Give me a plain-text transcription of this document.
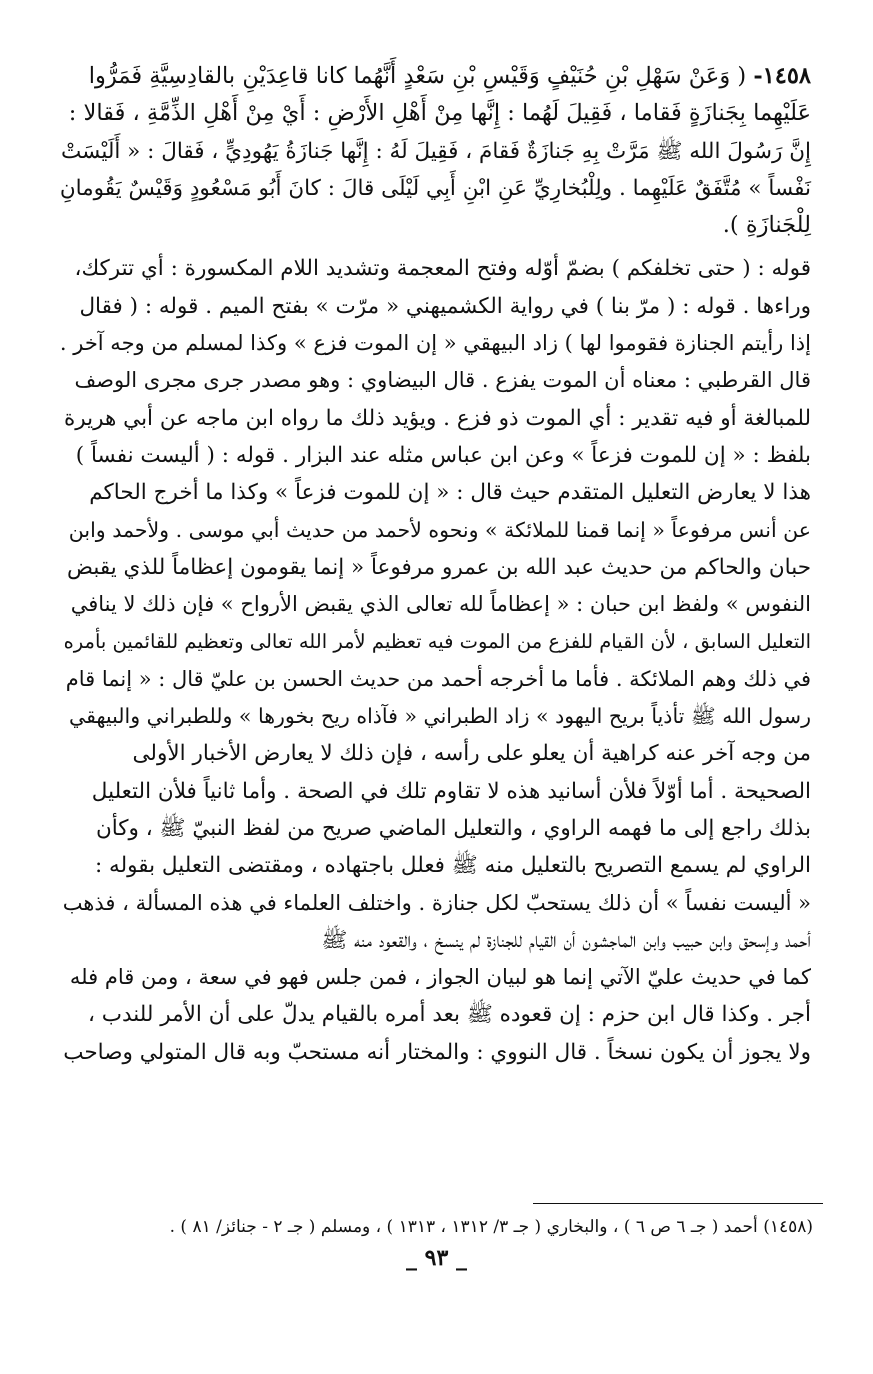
١٤٥٨- ( وَعَنْ سَهْلِ بْنِ حُنَيْفٍ وَقَيْسِ بْنِ سَعْدٍ أَنَّهُما كانا قاعِدَيْنِ بالقادِسِيَّةِ فَمَرُّوا

عَلَيْهِما بِجَنازَةٍ فَقاما ، فَقِيلَ لَهُما : إِنَّها مِنْ أَهْلِ الأَرْضِ : أَيْ مِنْ أَهْلِ الذِّمَّةِ ، فَقالا :

إِنَّ رَسُولَ الله ﷺ مَرَّتْ بِهِ جَنازَةٌ فَقامَ ، فَقِيلَ لَهُ : إِنَّها جَنازَةُ يَهُودِيٍّ ، فَقالَ : « أَلَيْسَتْ

نَفْساً » مُتَّفَقٌ عَلَيْهِما . ولِلْبُخارِيِّ عَنِ ابْنِ أَبِي لَيْلَى قالَ : كانَ أَبُو مَسْعُودٍ وَقَيْسٌ يَقُومانِ

لِلْجَنازَةِ ).

قوله : ( حتى تخلفكم ) بضمّ أوّله وفتح المعجمة وتشديد اللام المكسورة : أي تتركك،

وراءها . قوله : ( مرّ بنا ) في رواية الكشميهني « مرّت » بفتح الميم . قوله : ( فقال

إذا رأيتم الجنازة فقوموا لها ) زاد البيهقي « إن الموت فزع » وكذا لمسلم من وجه آخر .

قال القرطبي : معناه أن الموت يفزع . قال البيضاوي : وهو مصدر جرى مجرى الوصف

للمبالغة أو فيه تقدير : أي الموت ذو فزع . ويؤيد ذلك ما رواه ابن ماجه عن أبي هريرة

بلفظ : « إن للموت فزعاً » وعن ابن عباس مثله عند البزار . قوله : ( أليست نفساً )

هذا لا يعارض التعليل المتقدم حيث قال : « إن للموت فزعاً » وكذا ما أخرج الحاكم

عن أنس مرفوعاً « إنما قمنا للملائكة » ونحوه لأحمد من حديث أبي موسى . ولأحمد وابن

حبان والحاكم من حديث عبد الله بن عمرو مرفوعاً « إنما يقومون إعظاماً للذي يقبض

النفوس » ولفظ ابن حبان : « إعظاماً لله تعالى الذي يقبض الأرواح » فإن ذلك لا ينافي

التعليل السابق ، لأن القيام للفزع من الموت فيه تعظيم لأمر الله تعالى وتعظيم للقائمين بأمره

في ذلك وهم الملائكة . فأما ما أخرجه أحمد من حديث الحسن بن عليّ قال : « إنما قام

رسول الله ﷺ تأذياً بريح اليهود » زاد الطبراني « فآذاه ريح بخورها » وللطبراني والبيهقي

من وجه آخر عنه كراهية أن يعلو على رأسه ، فإن ذلك لا يعارض الأخبار الأولى

الصحيحة . أما أوّلاً فلأن أسانيد هذه لا تقاوم تلك في الصحة . وأما ثانياً فلأن التعليل

بذلك راجع إلى ما فهمه الراوي ، والتعليل الماضي صريح من لفظ النبيّ ﷺ ، وكأن

الراوي لم يسمع التصريح بالتعليل منه ﷺ فعلل باجتهاده ، ومقتضى التعليل بقوله :

« أليست نفساً » أن ذلك يستحبّ لكل جنازة . واختلف العلماء في هذه المسألة ، فذهب

أحمد وإسحق وابن حبيب وابن الماجشون أن القيام للجنازة لم ينسخ ، والقعود منه ﷺ

كما في حديث عليّ الآتي إنما هو لبيان الجواز ، فمن جلس فهو في سعة ، ومن قام فله

أجر . وكذا قال ابن حزم : إن قعوده ﷺ بعد أمره بالقيام يدلّ على أن الأمر للندب ،

ولا يجوز أن يكون نسخاً . قال النووي : والمختار أنه مستحبّ وبه قال المتولي وصاحب

(١٤٥٨) أحمد ( جـ ٦ ص ٦ ) ، والبخاري ( جـ ٣/ ١٣١٢ ، ١٣١٣ ) ، ومسلم ( جـ ٢ - جنائز/ ٨١ ) .

_ ٩٣ _
